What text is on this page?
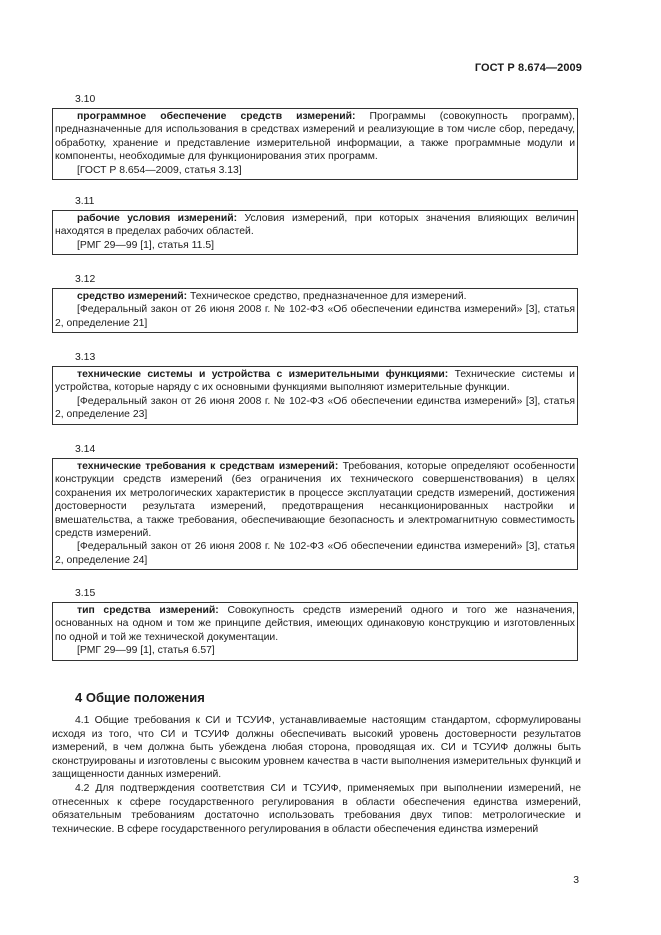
ГОСТ Р 8.674—2009
3.10

программное обеспечение средств измерений: Программы (совокупность программ), предназначенные для использования в средствах измерений и реализующие в том числе сбор, передачу, обработку, хранение и представление измерительной информации, а также программные модули и компоненты, необходимые для функционирования этих программ.

[ГОСТ Р 8.654—2009, статья 3.13]

3.11

рабочие условия измерений: Условия измерений, при которых значения влияющих величин находятся в пределах рабочих областей.

[РМГ 29—99 [1], статья 11.5]

3.12

средство измерений: Техническое средство, предназначенное для измерений.

[Федеральный закон от 26 июня 2008 г. № 102-ФЗ «Об обеспечении единства измерений» [3], статья 2, определение 21]

3.13

технические системы и устройства с измерительными функциями: Технические системы и устройства, которые наряду с их основными функциями выполняют измерительные функции.

[Федеральный закон от 26 июня 2008 г. № 102-ФЗ «Об обеспечении единства измерений» [3], статья 2, определение 23]

3.14

технические требования к средствам измерений: Требования, которые определяют особенности конструкции средств измерений (без ограничения их технического совершенствования) в целях сохранения их метрологических характеристик в процессе эксплуатации средств измерений, достижения достоверности результата измерений, предотвращения несанкционированных настройки и вмешательства, а также требования, обеспечивающие безопасность и электромагнитную совместимость средств измерений.

[Федеральный закон от 26 июня 2008 г. № 102-ФЗ «Об обеспечении единства измерений» [3], статья 2, определение 24]

3.15

тип средства измерений: Совокупность средств измерений одного и того же назначения, основанных на одном и том же принципе действия, имеющих одинаковую конструкцию и изготовленных по одной и той же технической документации.

[РМГ 29—99 [1], статья 6.57]

4 Общие положения

4.1 Общие требования к СИ и ТСУИФ, устанавливаемые настоящим стандартом, сформулированы исходя из того, что СИ и ТСУИФ должны обеспечивать высокий уровень достоверности результатов измерений, в чем должна быть убеждена любая сторона, проводящая их. СИ и ТСУИФ должны быть сконструированы и изготовлены с высоким уровнем качества в части выполнения измерительных функций и защищенности данных измерений.

4.2 Для подтверждения соответствия СИ и ТСУИФ, применяемых при выполнении измерений, не отнесенных к сфере государственного регулирования в области обеспечения единства измерений, обязательным требованиям достаточно использовать требования двух типов: метрологические и технические. В сфере государственного регулирования в области обеспечения единства измерений

3
